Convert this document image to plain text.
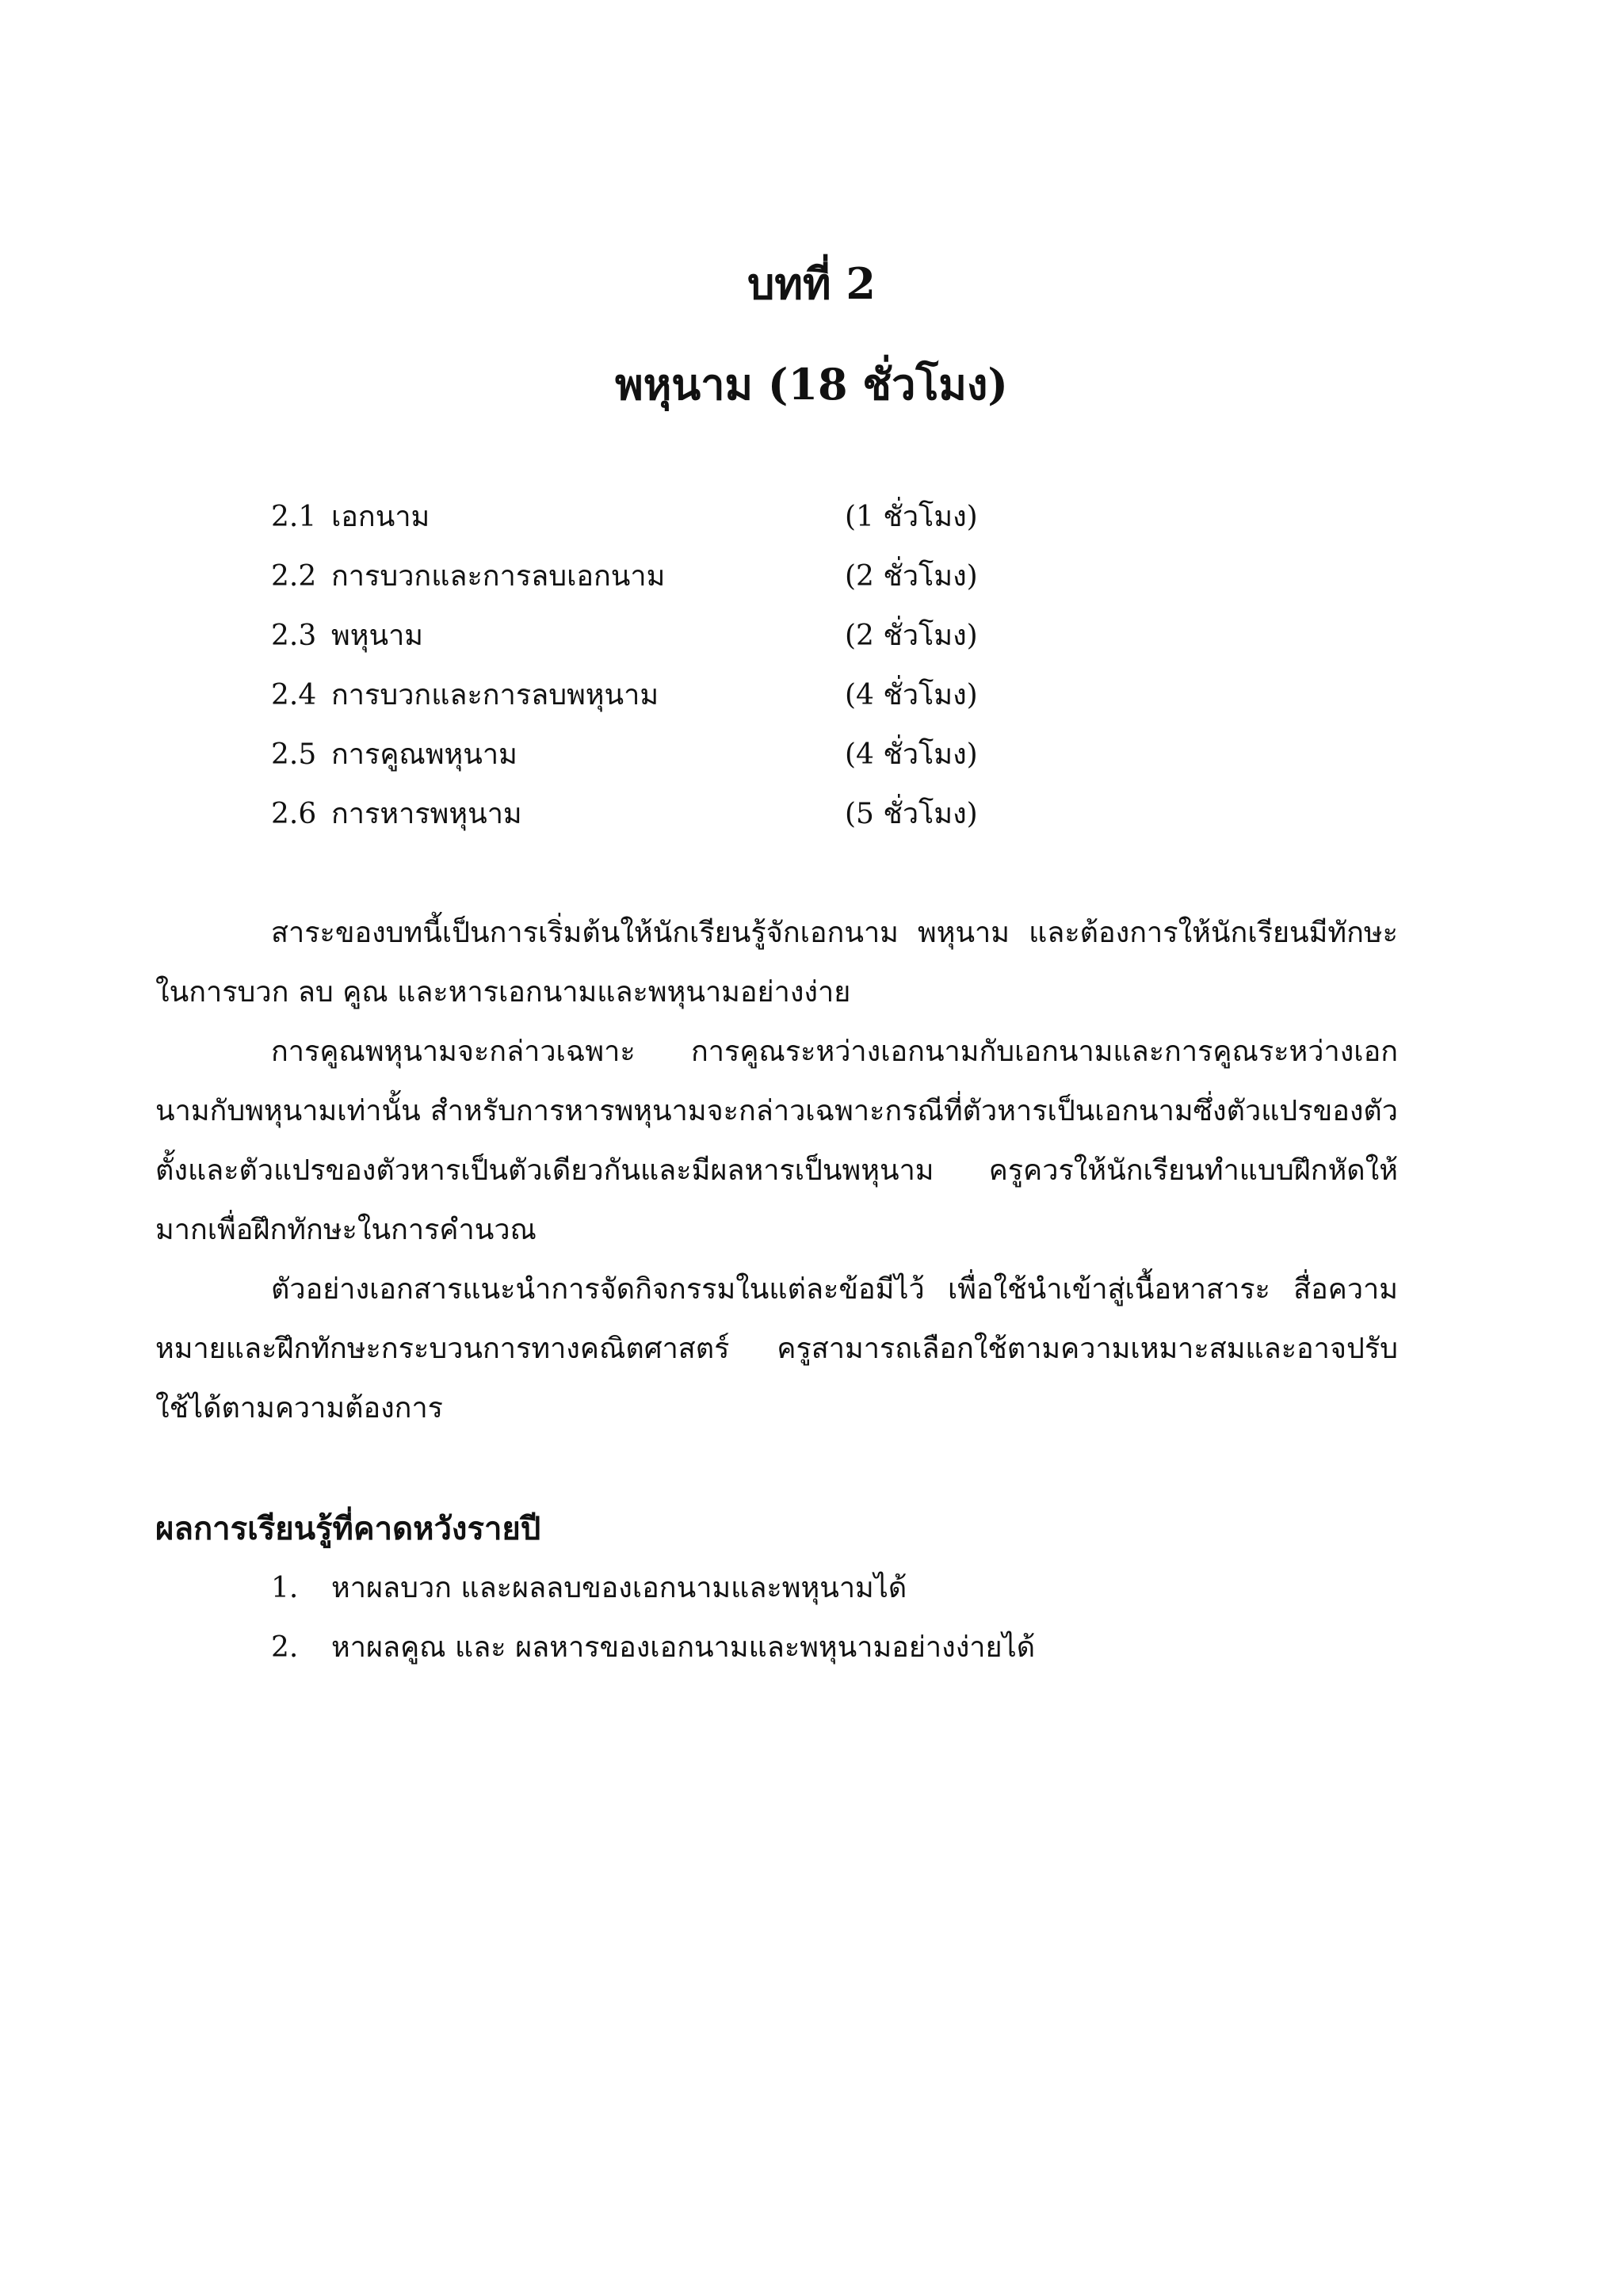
บทที่ 2
พหุนาม (18 ชั่วโมง)
2.1 เอกนาม	(1 ชั่วโมง)
2.2 การบวกและการลบเอกนาม	(2 ชั่วโมง)
2.3 พหุนาม	(2 ชั่วโมง)
2.4 การบวกและการลบพหุนาม	(4 ชั่วโมง)
2.5 การคูณพหุนาม	(4 ชั่วโมง)
2.6 การหารพหุนาม	(5 ชั่วโมง)

สาระของบทนี้เป็นการเริ่มต้นให้นักเรียนรู้จักเอกนาม พหุนาม และต้องการให้นักเรียนมีทักษะในการบวก ลบ คูณ และหารเอกนามและพหุนามอย่างง่าย

การคูณพหุนามจะกล่าวเฉพาะ การคูณระหว่างเอกนามกับเอกนามและการคูณระหว่างเอกนามกับพหุนามเท่านั้น สำหรับการหารพหุนามจะกล่าวเฉพาะกรณีที่ตัวหารเป็นเอกนามซึ่งตัวแปรของตัวตั้งและตัวแปรของตัวหารเป็นตัวเดียวกันและมีผลหารเป็นพหุนาม ครูควรให้นักเรียนทำแบบฝึกหัดให้มากเพื่อฝึกทักษะในการคำนวณ

ตัวอย่างเอกสารแนะนำการจัดกิจกรรมในแต่ละข้อมีไว้ เพื่อใช้นำเข้าสู่เนื้อหาสาระ สื่อความหมายและฝึกทักษะกระบวนการทางคณิตศาสตร์ ครูสามารถเลือกใช้ตามความเหมาะสมและอาจปรับใช้ได้ตามความต้องการ

ผลการเรียนรู้ที่คาดหวังรายปี
1. หาผลบวก และผลลบของเอกนามและพหุนามได้
2. หาผลคูณ และ ผลหารของเอกนามและพหุนามอย่างง่ายได้
